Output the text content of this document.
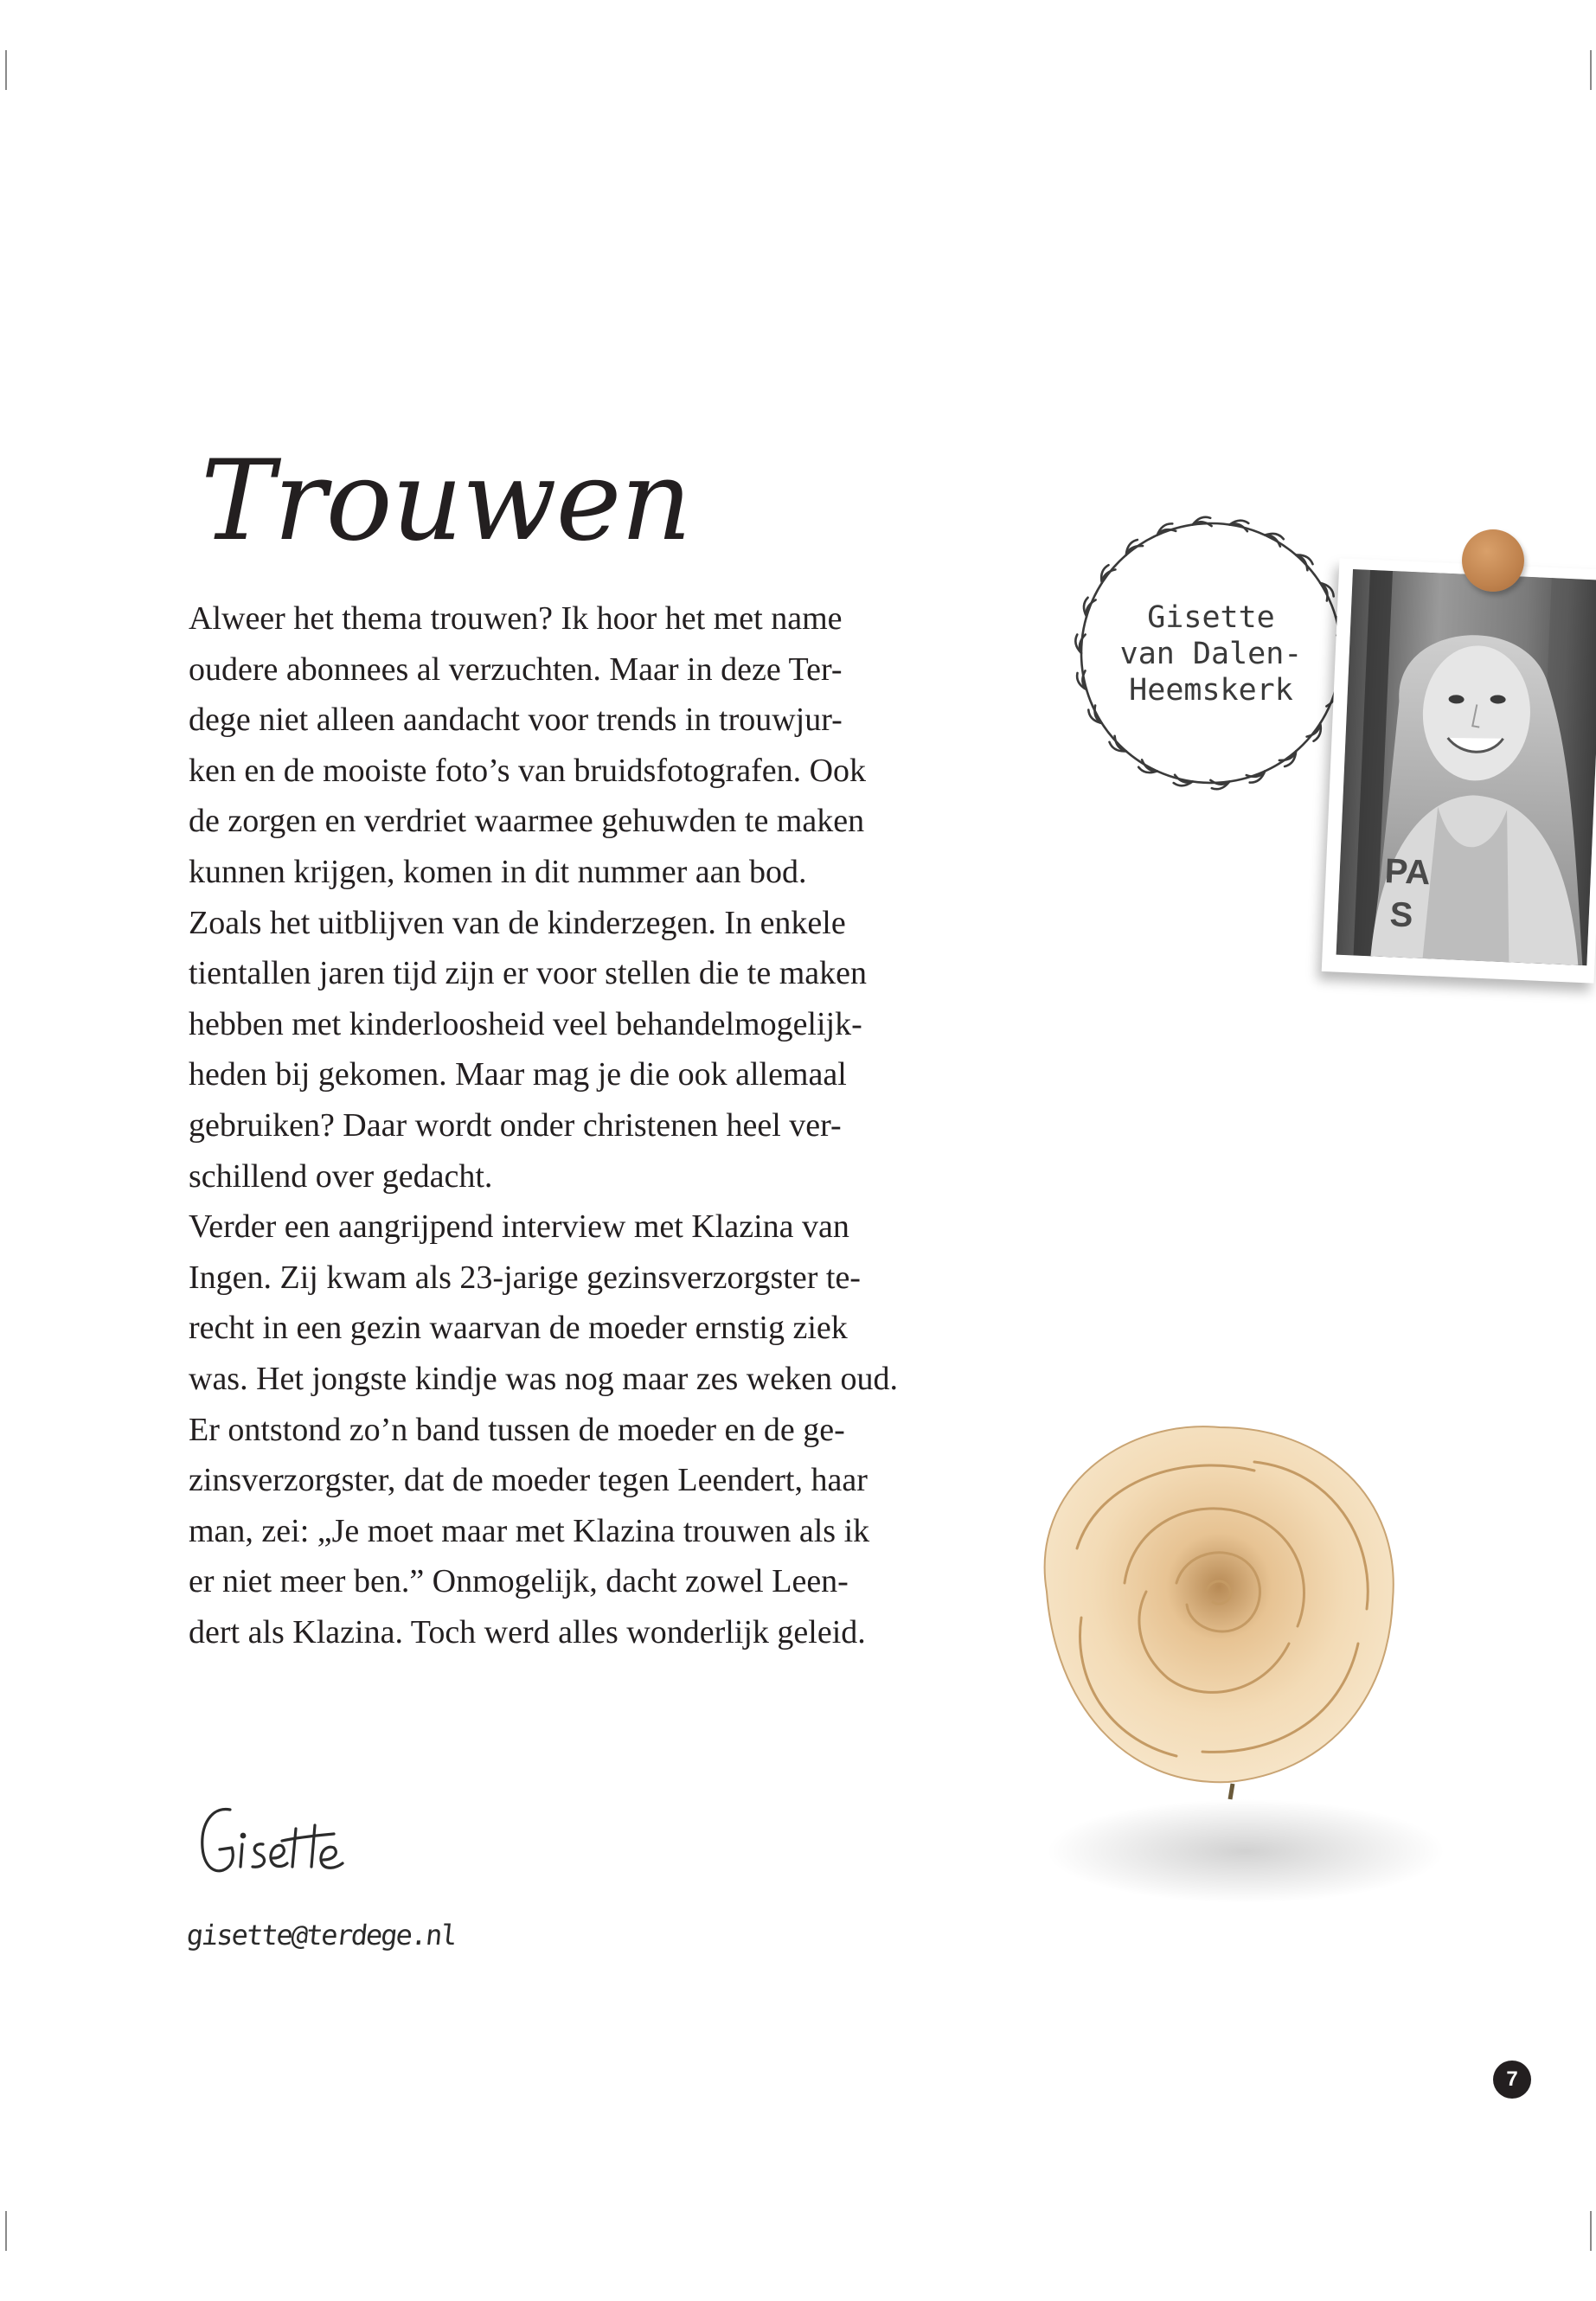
Trouwen
Alweer het thema trouwen? Ik hoor het met name
oudere abonnees al verzuchten. Maar in deze Ter-
dege niet alleen aandacht voor trends in trouwjur-
ken en de mooiste foto’s van bruidsfotografen. Ook
de zorgen en verdriet waarmee gehuwden te maken
kunnen krijgen, komen in dit nummer aan bod.
Zoals het uitblijven van de kinderzegen. In enkele
tientallen jaren tijd zijn er voor stellen die te maken
hebben met kinderloosheid veel behandelmogelijk-
heden bij gekomen. Maar mag je die ook allemaal
gebruiken? Daar wordt onder christenen heel ver-
schillend over gedacht.
Verder een aangrijpend interview met Klazina van
Ingen. Zij kwam als 23-jarige gezinsverzorgster te-
recht in een gezin waarvan de moeder ernstig ziek
was. Het jongste kindje was nog maar zes weken oud.
Er ontstond zo’n band tussen de moeder en de ge-
zinsverzorgster, dat de moeder tegen Leendert, haar
man, zei: „Je moet maar met Klazina trouwen als ik
er niet meer ben.” Onmogelijk, dacht zowel Leen-
dert als Klazina. Toch werd alles wonderlijk geleid.
gisette@terdege.nl
Gisette
van Dalen-
Heemskerk
PA
S
7
